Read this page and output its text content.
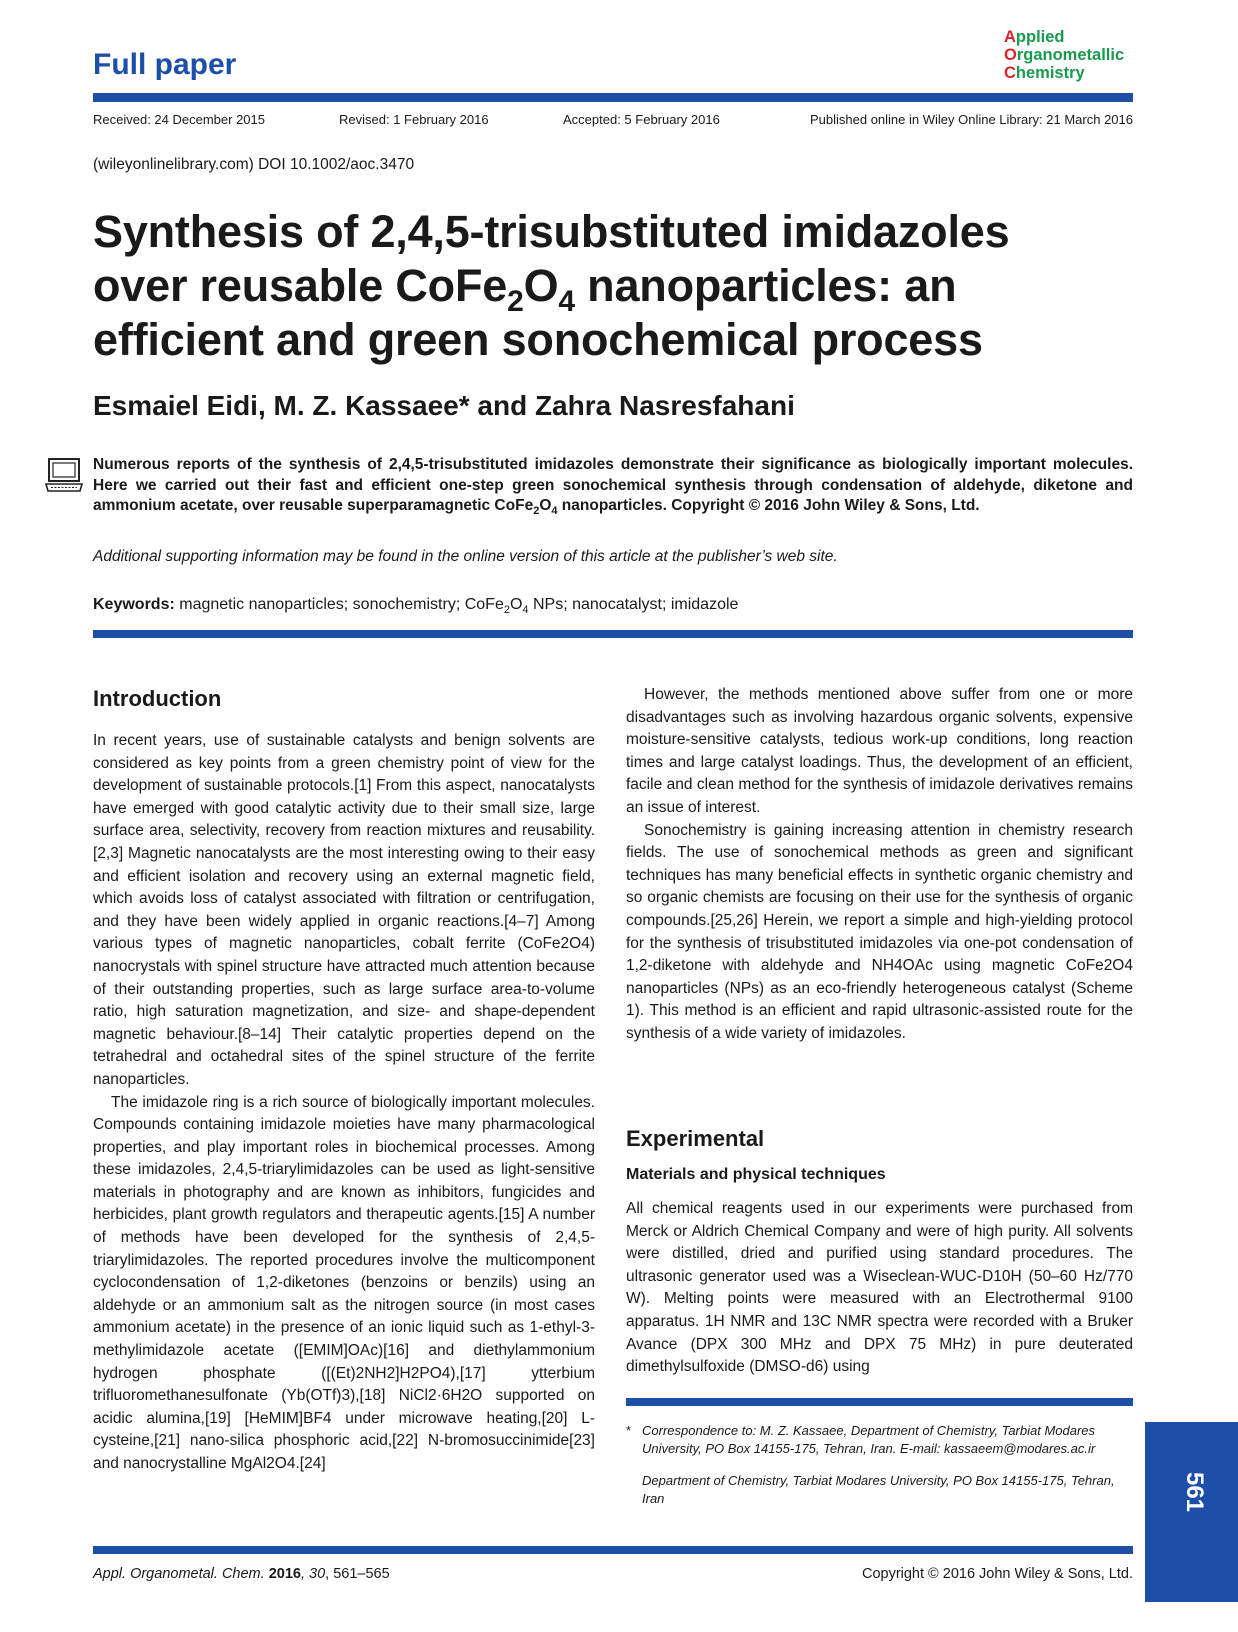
Full paper
Applied
Organometallic
Chemistry
Received: 24 December 2015	Revised: 1 February 2016	Accepted: 5 February 2016	Published online in Wiley Online Library: 21 March 2016
(wileyonlinelibrary.com) DOI 10.1002/aoc.3470
Synthesis of 2,4,5-trisubstituted imidazoles
over reusable $CoFe_2O_4$ nanoparticles: an
efficient and green sonochemical process
Esmaiel Eidi, M. Z. Kassaee* and Zahra Nasresfahani
Numerous reports of the synthesis of 2,4,5-trisubstituted imidazoles demonstrate their significance as biologically important molecules. Here we carried out their fast and efficient one-step green sonochemical synthesis through condensation of aldehyde, diketone and ammonium acetate, over reusable superparamagnetic $CoFe_2O_4$ nanoparticles. Copyright © 2016 John Wiley & Sons, Ltd.
Additional supporting information may be found in the online version of this article at the publisher’s web site.
Keywords: magnetic nanoparticles; sonochemistry; $CoFe_2O_4$ NPs; nanocatalyst; imidazole
Introduction

In recent years, use of sustainable catalysts and benign solvents are considered as key points from a green chemistry point of view for the development of sustainable protocols.[1] From this aspect, nanocatalysts have emerged with good catalytic activity due to their small size, large surface area, selectivity, recovery from reaction mixtures and reusability.[2,3] Magnetic nanocatalysts are the most interesting owing to their easy and efficient isolation and recovery using an external magnetic field, which avoids loss of catalyst associated with filtration or centrifugation, and they have been widely applied in organic reactions.[4–7] Among various types of magnetic nanoparticles, cobalt ferrite (CoFe2O4) nanocrystals with spinel structure have attracted much attention because of their outstanding properties, such as large surface area-to-volume ratio, high saturation magnetization, and size- and shape-dependent magnetic behaviour.[8–14] Their catalytic properties depend on the tetrahedral and octahedral sites of the spinel structure of the ferrite nanoparticles.

The imidazole ring is a rich source of biologically important molecules. Compounds containing imidazole moieties have many pharmacological properties, and play important roles in biochemical processes. Among these imidazoles, 2,4,5-triarylimidazoles can be used as light-sensitive materials in photography and are known as inhibitors, fungicides and herbicides, plant growth regulators and therapeutic agents.[15] A number of methods have been developed for the synthesis of 2,4,5-triarylimidazoles. The reported procedures involve the multicomponent cyclocondensation of 1,2-diketones (benzoins or benzils) using an aldehyde or an ammonium salt as the nitrogen source (in most cases ammonium acetate) in the presence of an ionic liquid such as 1-ethyl-3-methylimidazole acetate ([EMIM]OAc)[16] and diethylammonium hydrogen phosphate ([(Et)2NH2]H2PO4),[17] ytterbium trifluoromethanesulfonate (Yb(OTf)3),[18] NiCl2·6H2O supported on acidic alumina,[19] [HeMIM]BF4 under microwave heating,[20] L-cysteine,[21] nano-silica phosphoric acid,[22] N-bromosuccinimide[23] and nanocrystalline MgAl2O4.[24]

However, the methods mentioned above suffer from one or more disadvantages such as involving hazardous organic solvents, expensive moisture-sensitive catalysts, tedious work-up conditions, long reaction times and large catalyst loadings. Thus, the development of an efficient, facile and clean method for the synthesis of imidazole derivatives remains an issue of interest.

Sonochemistry is gaining increasing attention in chemistry research fields. The use of sonochemical methods as green and significant techniques has many beneficial effects in synthetic organic chemistry and so organic chemists are focusing on their use for the synthesis of organic compounds.[25,26] Herein, we report a simple and high-yielding protocol for the synthesis of trisubstituted imidazoles via one-pot condensation of 1,2-diketone with aldehyde and NH4OAc using magnetic CoFe2O4 nanoparticles (NPs) as an eco-friendly heterogeneous catalyst (Scheme 1). This method is an efficient and rapid ultrasonic-assisted route for the synthesis of a wide variety of imidazoles.

Experimental
Materials and physical techniques

All chemical reagents used in our experiments were purchased from Merck or Aldrich Chemical Company and were of high purity. All solvents were distilled, dried and purified using standard procedures. The ultrasonic generator used was a Wiseclean-WUC-D10H (50–60 Hz/770 W). Melting points were measured with an Electrothermal 9100 apparatus. 1H NMR and 13C NMR spectra were recorded with a Bruker Avance (DPX 300 MHz and DPX 75 MHz) in pure deuterated dimethylsulfoxide (DMSO-d6) using

* Correspondence to: M. Z. Kassaee, Department of Chemistry, Tarbiat Modares University, PO Box 14155-175, Tehran, Iran. E-mail: kassaeem@modares.ac.ir
Department of Chemistry, Tarbiat Modares University, PO Box 14155-175, Tehran, Iran
Appl. Organometal. Chem. 2016, 30, 561–565	Copyright © 2016 John Wiley & Sons, Ltd.
561
